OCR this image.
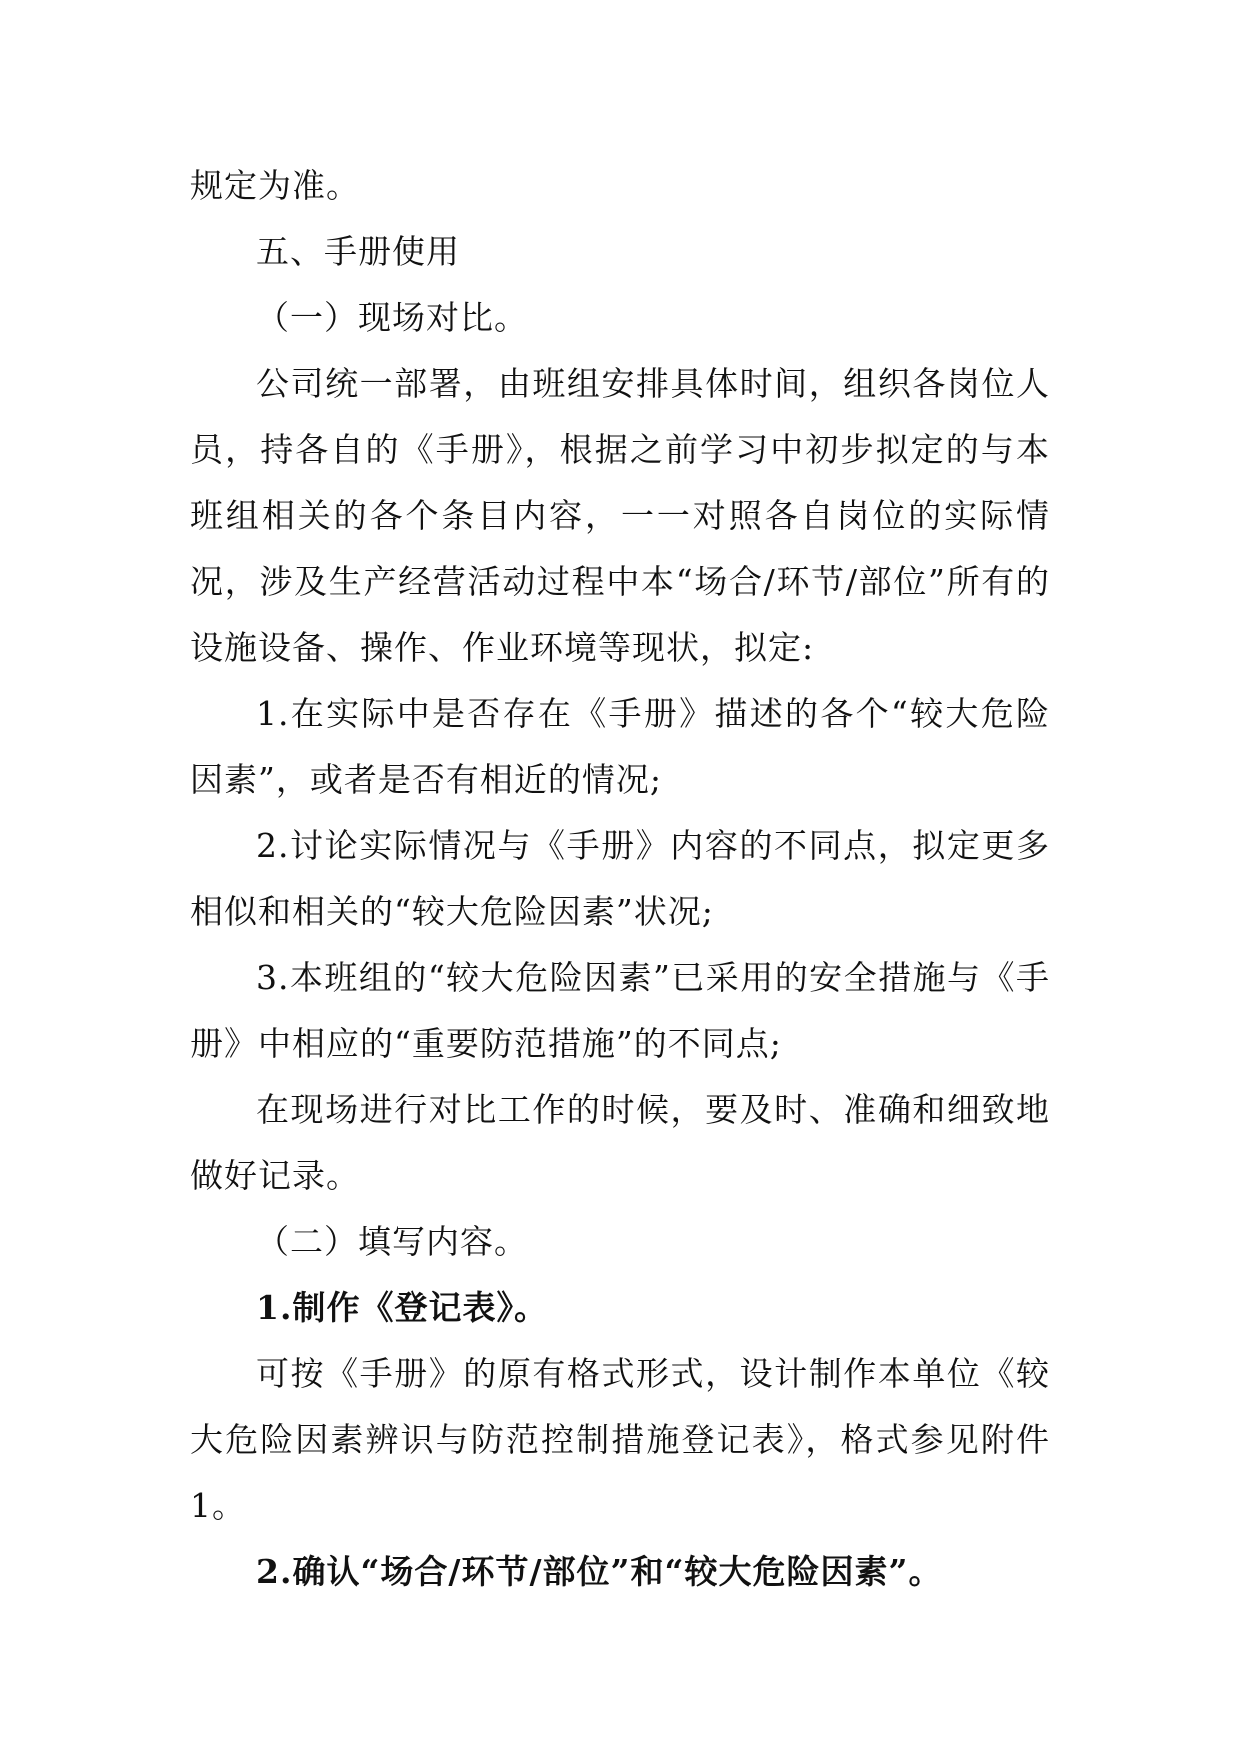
规定为准。

五、手册使用

（一）现场对比。

公司统一部署，由班组安排具体时间，组织各岗位人员，持各自的《手册》，根据之前学习中初步拟定的与本班组相关的各个条目内容，一一对照各自岗位的实际情况，涉及生产经营活动过程中本“场合/环节/部位”所有的设施设备、操作、作业环境等现状，拟定:

1.在实际中是否存在《手册》描述的各个“较大危险因素”，或者是否有相近的情况;

2.讨论实际情况与《手册》内容的不同点，拟定更多相似和相关的“较大危险因素”状况;

3.本班组的“较大危险因素”已采用的安全措施与《手册》中相应的“重要防范措施”的不同点;

在现场进行对比工作的时候，要及时、准确和细致地做好记录。

（二）填写内容。

1.制作《登记表》。

可按《手册》的原有格式形式，设计制作本单位《较大危险因素辨识与防范控制措施登记表》，格式参见附件 1。

2.确认“场合/环节/部位”和“较大危险因素”。
